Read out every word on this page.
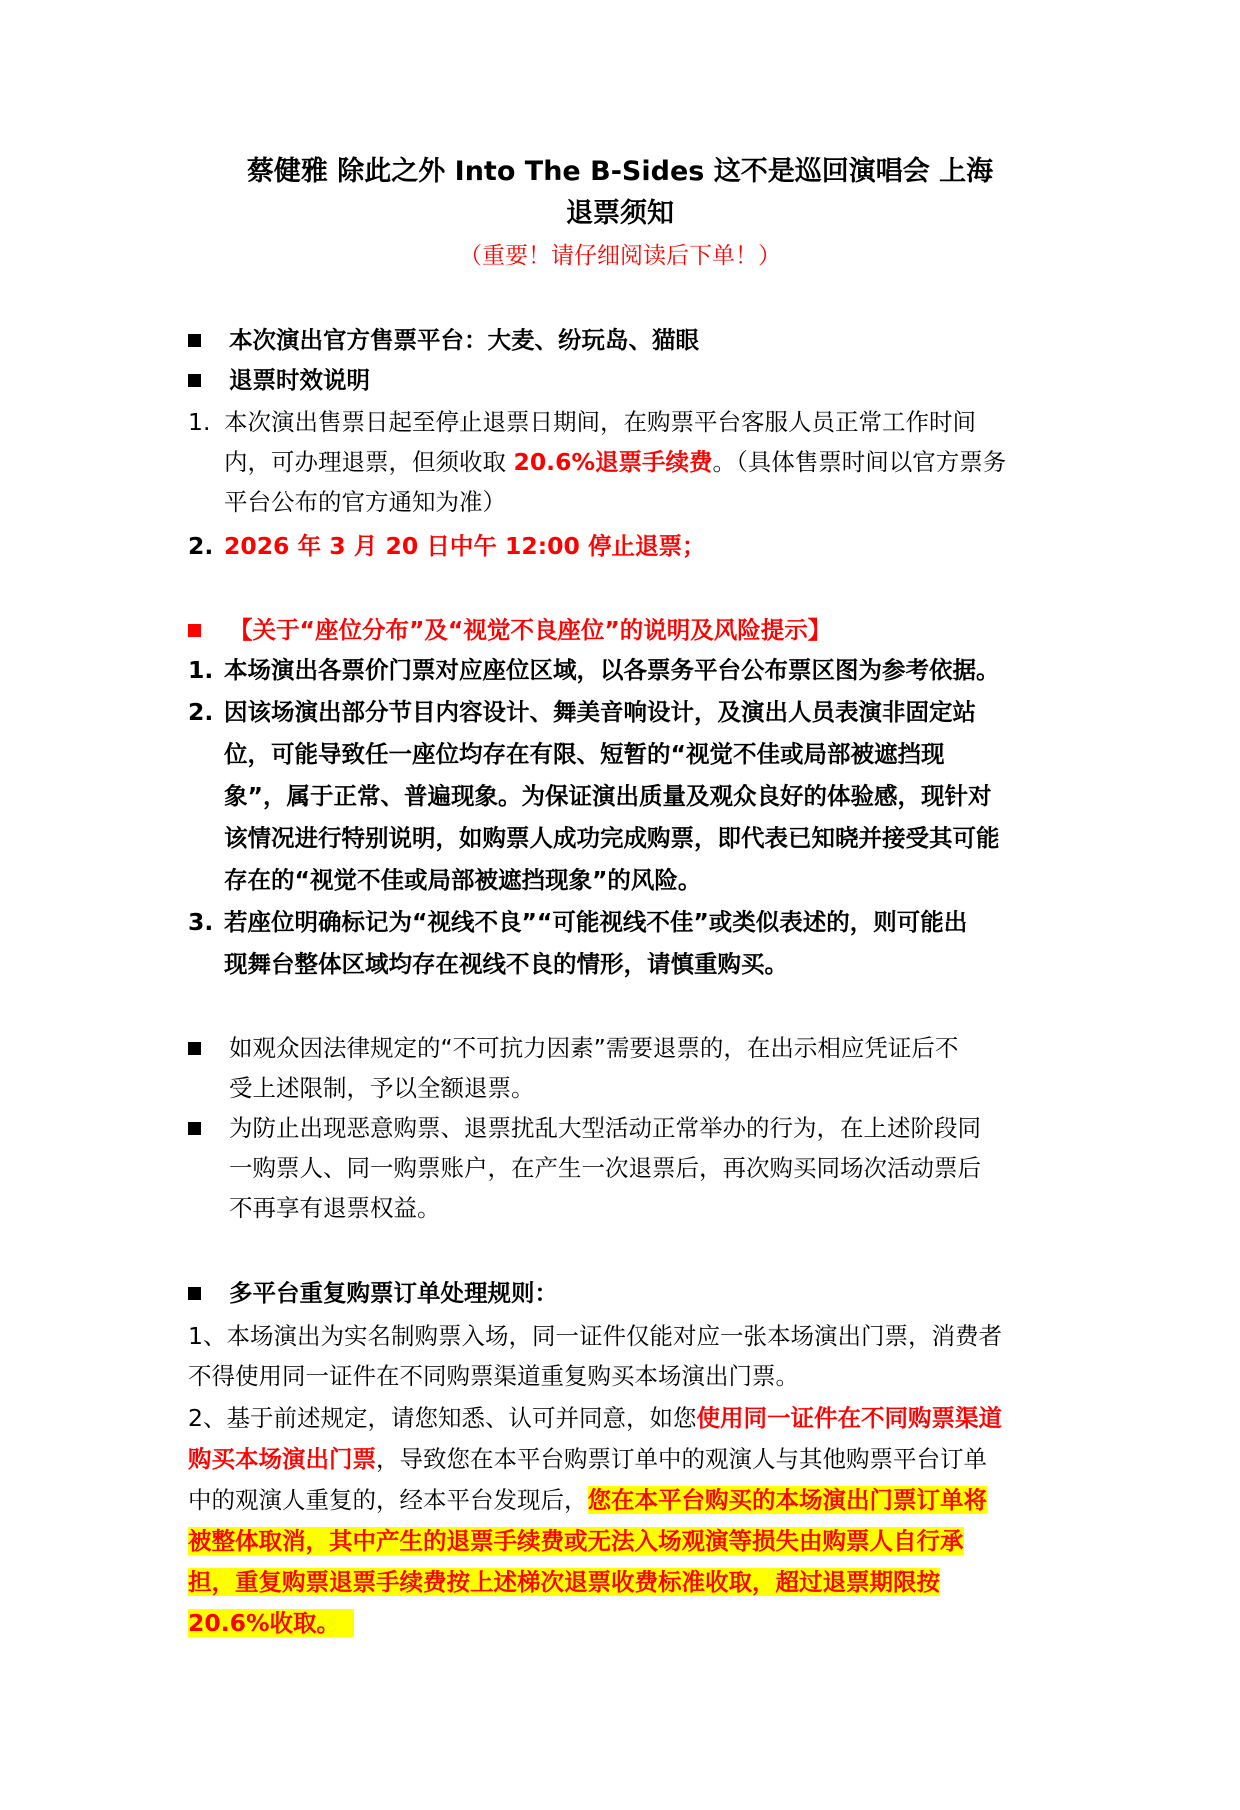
蔡健雅 除此之外 Into The B-Sides 这不是巡回演唱会 上海
退票须知

（重要！请仔细阅读后下单！）

本次演出官方售票平台：大麦、纷玩岛、猫眼

退票时效说明

1. 本次演出售票日起至停止退票日期间，在购票平台客服人员正常工作时间

内，可办理退票，但须收取 20.6%退票手续费。（具体售票时间以官方票务

平台公布的官方通知为准）

2. 2026 年 3 月 20 日中午 12:00 停止退票；

【关于“座位分布”及“视觉不良座位”的说明及风险提示】

1. 本场演出各票价门票对应座位区域，以各票务平台公布票区图为参考依据。

2. 因该场演出部分节目内容设计、舞美音响设计，及演出人员表演非固定站

位，可能导致任一座位均存在有限、短暂的“视觉不佳或局部被遮挡现

象”，属于正常、普遍现象。为保证演出质量及观众良好的体验感，现针对

该情况进行特别说明，如购票人成功完成购票，即代表已知晓并接受其可能

存在的“视觉不佳或局部被遮挡现象”的风险。

3. 若座位明确标记为“视线不良”“可能视线不佳”或类似表述的，则可能出

现舞台整体区域均存在视线不良的情形，请慎重购买。

如观众因法律规定的“不可抗力因素”需要退票的，在出示相应凭证后不

受上述限制，予以全额退票。

为防止出现恶意购票、退票扰乱大型活动正常举办的行为，在上述阶段同

一购票人、同一购票账户，在产生一次退票后，再次购买同场次活动票后

不再享有退票权益。

多平台重复购票订单处理规则：

1、本场演出为实名制购票入场，同一证件仅能对应一张本场演出门票，消费者

不得使用同一证件在不同购票渠道重复购买本场演出门票。

2、基于前述规定，请您知悉、认可并同意，如您使用同一证件在不同购票渠道

购买本场演出门票，导致您在本平台购票订单中的观演人与其他购票平台订单

中的观演人重复的，经本平台发现后，您在本平台购买的本场演出门票订单将

被整体取消，其中产生的退票手续费或无法入场观演等损失由购票人自行承

担，重复购票退票手续费按上述梯次退票收费标准收取，超过退票期限按

20.6%收取。
